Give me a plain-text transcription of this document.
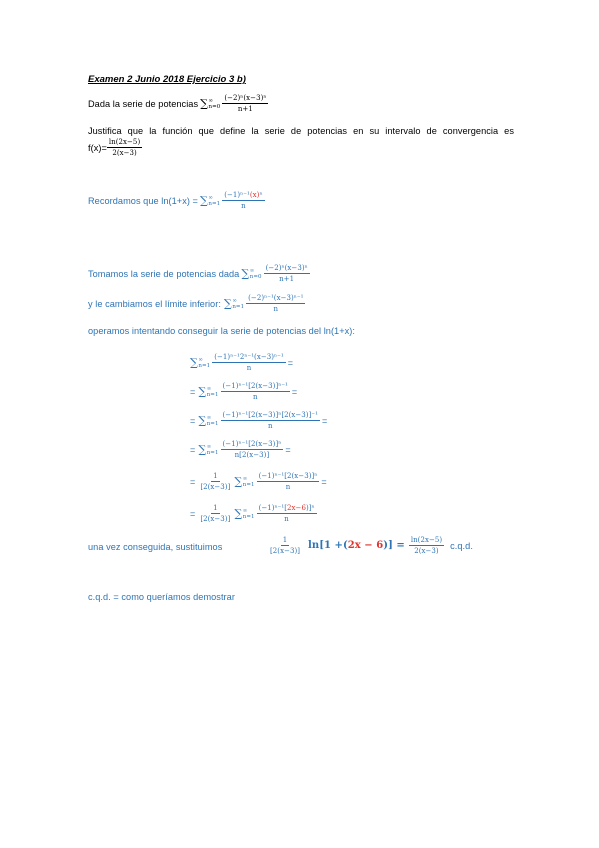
Examen 2 Junio 2018 Ejercicio 3 b)
Dada la serie de potencias ∑ ∞
$n=0 \frac{\text{(−2)ⁿ(x−3)ⁿ}}{n+1}$
Justifica que la función que define la serie de potencias en su intervalo de convergencia es
$f(x)= \frac{\ln(2x-5)}{2(x-3)}$
Recordamos que ln(1+x) = ∑ ∞
$n=1 \frac{\text{(−1)ⁿ⁻¹(x)ⁿ}}{n}$
Tomamos la serie de potencias dada ∑ ∞
$n=0 \frac{\text{(−2)ⁿ(x−3)ⁿ}}{n+1}$
y le cambiamos el límite inferior: ∑ ∞
$n=1 \frac{\text{(−2)ⁿ⁻¹(x−3)ⁿ⁻¹}}{n}$
operamos intentando conseguir la serie de potencias del ln(1+x):
∑ ∞
$n=1 \frac{\text{(−1)ⁿ⁻¹2ⁿ⁻¹(x−3)ⁿ⁻¹}}{n}$ =
= ∑ ∞
$n=1 \frac{\text{(−1)ⁿ⁻¹[2(x−3)]ⁿ⁻¹}}{n}$ =
= ∑ ∞
$n=1 \frac{\text{(−1)ⁿ⁻¹[2(x−3)]ⁿ[2(x−3)]⁻¹}}{n}$ =
= ∑ ∞
$n=1 \frac{\text{(−1)ⁿ⁻¹[2(x−3)]ⁿ}}{n[2(x-3)]}$ =
= $\frac{1}{[2(x-3)]}$ ∑ ∞
$n=1 \frac{\text{(−1)ⁿ⁻¹[2(x−3)]ⁿ}}{n}$ =
= $\frac{1}{[2(x-3)]}$ ∑ ∞
$n=1 \frac{\text{(−1)ⁿ⁻¹[2x−6)]ⁿ}}{n}$
una vez conseguida, sustituimos	$\frac{1}{[2(x-3)]} \ln[1 +(2x - 6)] = \frac{\ln(2x-5)}{2(x-3)} c.q.d$.
c.q.d. = como queríamos demostrar
